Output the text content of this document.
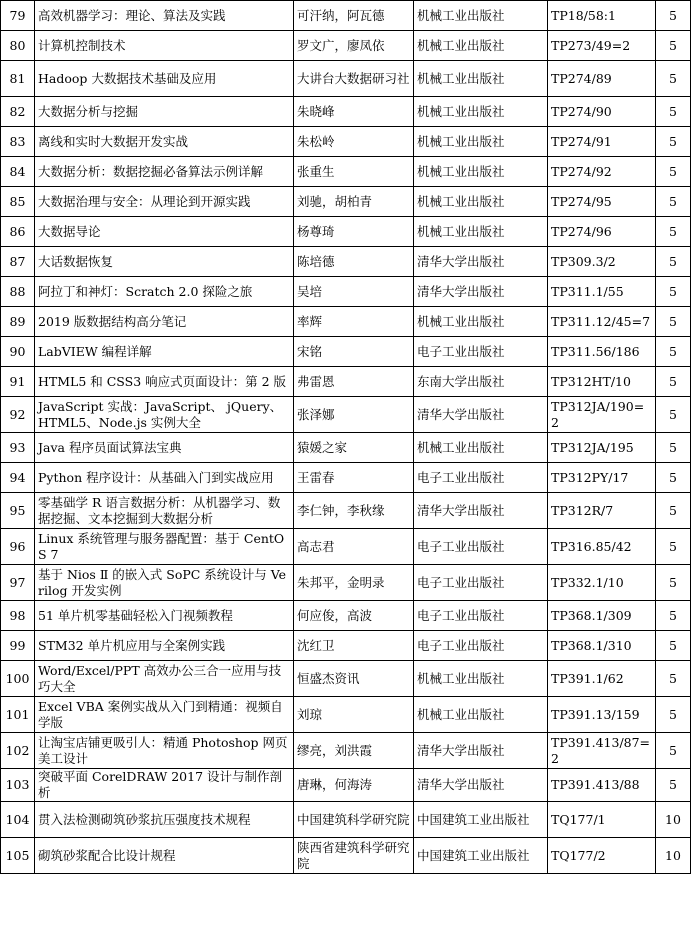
79	高效机器学习：理论、算法及实践	可汗纳，阿瓦德	机械工业出版社	TP18/58:1	5
80	计算机控制技术	罗文广，廖凤依	机械工业出版社	TP273/49=2	5
81	Hadoop 大数据技术基础及应用	大讲台大数据研习社	机械工业出版社	TP274/89	5
82	大数据分析与挖掘	朱晓峰	机械工业出版社	TP274/90	5
83	离线和实时大数据开发实战	朱松岭	机械工业出版社	TP274/91	5
84	大数据分析：数据挖掘必备算法示例详解	张重生	机械工业出版社	TP274/92	5
85	大数据治理与安全：从理论到开源实践	刘驰，胡柏青	机械工业出版社	TP274/95	5
86	大数据导论	杨尊琦	机械工业出版社	TP274/96	5
87	大话数据恢复	陈培德	清华大学出版社	TP309.3/2	5
88	阿拉丁和神灯：Scratch 2.0 探险之旅	吴培	清华大学出版社	TP311.1/55	5
89	2019 版数据结构高分笔记	率辉	机械工业出版社	TP311.12/45=7	5
90	LabVIEW 编程详解	宋铭	电子工业出版社	TP311.56/186	5
91	HTML5 和 CSS3 响应式页面设计：第 2 版	弗雷恩	东南大学出版社	TP312HT/10	5
92	JavaScript 实战：JavaScript、 jQuery、HTML5、Node.js 实例大全	张泽娜	清华大学出版社	TP312JA/190=2	5
93	Java 程序员面试算法宝典	猿媛之家	机械工业出版社	TP312JA/195	5
94	Python 程序设计：从基础入门到实战应用	王雷春	电子工业出版社	TP312PY/17	5
95	零基础学 R 语言数据分析：从机器学习、数据挖掘、文本挖掘到大数据分析	李仁钟，李秋缘	清华大学出版社	TP312R/7	5
96	Linux 系统管理与服务器配置：基于 CentOS 7	高志君	电子工业出版社	TP316.85/42	5
97	基于 Nios Ⅱ 的嵌入式 SoPC 系统设计与 Verilog 开发实例	朱邦平，金明录	电子工业出版社	TP332.1/10	5
98	51 单片机零基础轻松入门视频教程	何应俊，高波	电子工业出版社	TP368.1/309	5
99	STM32 单片机应用与全案例实践	沈红卫	电子工业出版社	TP368.1/310	5
100	Word/Excel/PPT 高效办公三合一应用与技巧大全	恒盛杰资讯	机械工业出版社	TP391.1/62	5
101	Excel VBA 案例实战从入门到精通：视频自学版	刘琼	机械工业出版社	TP391.13/159	5
102	让淘宝店铺更吸引人：精通 Photoshop 网页美工设计	缪亮，刘洪霞	清华大学出版社	TP391.413/87=2	5
103	突破平面 CorelDRAW 2017 设计与制作剖析	唐琳，何海涛	清华大学出版社	TP391.413/88	5
104	贯入法检测砌筑砂浆抗压强度技术规程	中国建筑科学研究院	中国建筑工业出版社	TQ177/1	10
105	砌筑砂浆配合比设计规程	陕西省建筑科学研究院	中国建筑工业出版社	TQ177/2	10
